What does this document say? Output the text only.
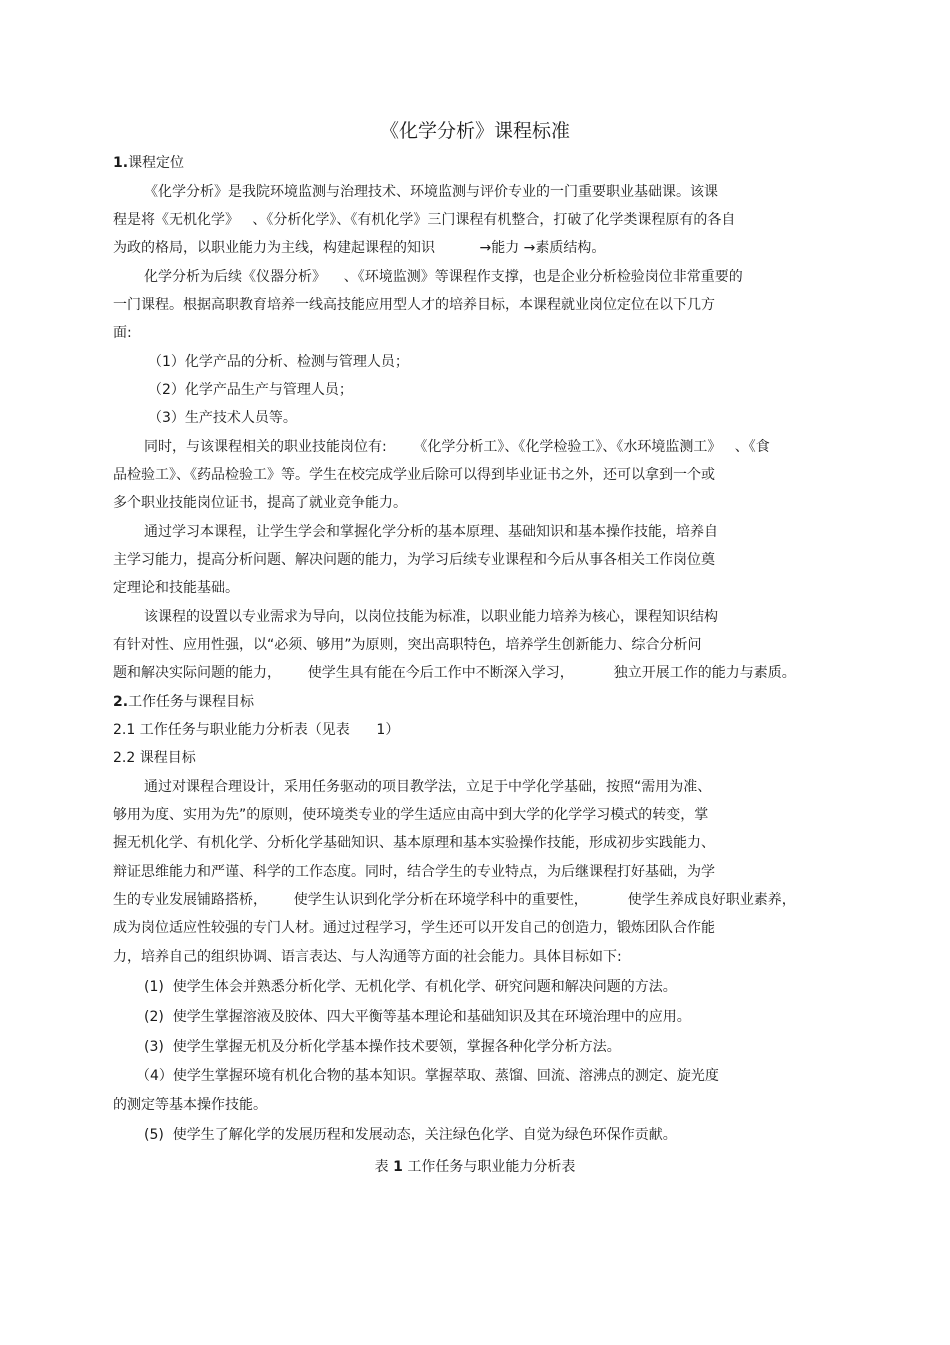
《化学分析》课程标准
1.课程定位
《化学分析》是我院环境监测与治理技术、环境监测与评价专业的一门重要职业基础课。该课
程是将《无机化学》   、《分析化学》、《有机化学》三门课程有机整合，打破了化学类课程原有的各自
为政的格局，以职业能力为主线，构建起课程的知识          →能力 →素质结构。
化学分析为后续《仪器分析》    、《环境监测》等课程作支撑，也是企业分析检验岗位非常重要的
一门课程。根据高职教育培养一线高技能应用型人才的培养目标，本课程就业岗位定位在以下几方
面:
（1）化学产品的分析、检测与管理人员；
（2）化学产品生产与管理人员；
（3）生产技术人员等。
同时，与该课程相关的职业技能岗位有:      《化学分析工》、《化学检验工》、《水环境监测工》   、《食
品检验工》、《药品检验工》等。学生在校完成学业后除可以得到毕业证书之外，还可以拿到一个或
多个职业技能岗位证书，提高了就业竞争能力。
通过学习本课程，让学生学会和掌握化学分析的基本原理、基础知识和基本操作技能，培养自
主学习能力，提高分析问题、解决问题的能力，为学习后续专业课程和今后从事各相关工作岗位奠
定理论和技能基础。
该课程的设置以专业需求为导向，以岗位技能为标准，以职业能力培养为核心，课程知识结构
有针对性、应用性强，以“必须、够用”为原则，突出高职特色，培养学生创新能力、综合分析问
题和解决实际问题的能力，      使学生具有能在今后工作中不断深入学习，         独立开展工作的能力与素质。
2.工作任务与课程目标
2.1 工作任务与职业能力分析表（见表      1）
2.2 课程目标
通过对课程合理设计，采用任务驱动的项目教学法，立足于中学化学基础，按照“需用为准、
够用为度、实用为先”的原则，使环境类专业的学生适应由高中到大学的化学学习模式的转变，掌
握无机化学、有机化学、分析化学基础知识、基本原理和基本实验操作技能，形成初步实践能力、
辩证思维能力和严谨、科学的工作态度。同时，结合学生的专业特点，为后继课程打好基础，为学
生的专业发展铺路搭桥，      使学生认识到化学分析在环境学科中的重要性，         使学生养成良好职业素养，
成为岗位适应性较强的专门人材。通过过程学习，学生还可以开发自己的创造力，锻炼团队合作能
力，培养自己的组织协调、语言表达、与人沟通等方面的社会能力。具体目标如下:
(1)  使学生体会并熟悉分析化学、无机化学、有机化学、研究问题和解决问题的方法。
(2)  使学生掌握溶液及胶体、四大平衡等基本理论和基础知识及其在环境治理中的应用。
(3)  使学生掌握无机及分析化学基本操作技术要领，掌握各种化学分析方法。
（4）使学生掌握环境有机化合物的基本知识。掌握萃取、蒸馏、回流、溶沸点的测定、旋光度
的测定等基本操作技能。
(5)  使学生了解化学的发展历程和发展动态，关注绿色化学、自觉为绿色环保作贡献。
表 1 工作任务与职业能力分析表
